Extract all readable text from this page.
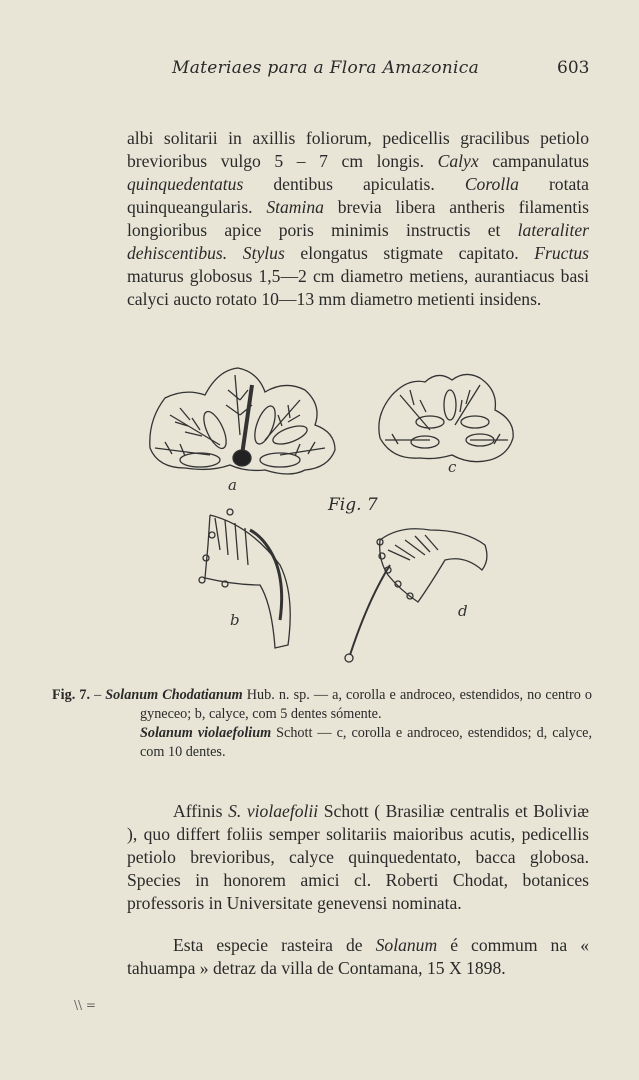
Materiaes para a Flora Amazonica	603

albi solitarii in axillis foliorum, pedicellis gracilibus petiolo brevioribus vulgo 5 – 7 cm longis. Calyx campanulatus quinquedentatus dentibus apiculatis. Corolla rotata quinqueangularis. Stamina brevia libera antheris filamentis longioribus apice poris minimis instructis et lateraliter dehiscentibus. Stylus elongatus stigmate capitato. Fructus maturus globosus 1,5—2 cm diametro metiens, aurantiacus basi calyci aucto rotato 10—13 mm diametro metienti insidens.

a
c
Fig. 7
b	d
Fig. 7. – Solanum Chodatianum Hub. n. sp. — a, corolla e androceo, estendidos, no centro o gyneceo; b, calyce, com 5 dentes sómente.
Solanum violaefolium Schott — c, corolla e androceo, estendidos; d, calyce, com 10 dentes.

Affinis S. violaefolii Schott ( Brasiliæ centralis et Boliviæ ), quo differt foliis semper solitariis maioribus acutis, pedicellis petiolo brevioribus, calyce quinquedentato, bacca globosa. Species in honorem amici cl. Roberti Chodat, botanices professoris in Universitate genevensi nominata.

Esta especie rasteira de Solanum é commum na « tahuampa » detraz da villa de Contamana, 15 X 1898.

\\ =
